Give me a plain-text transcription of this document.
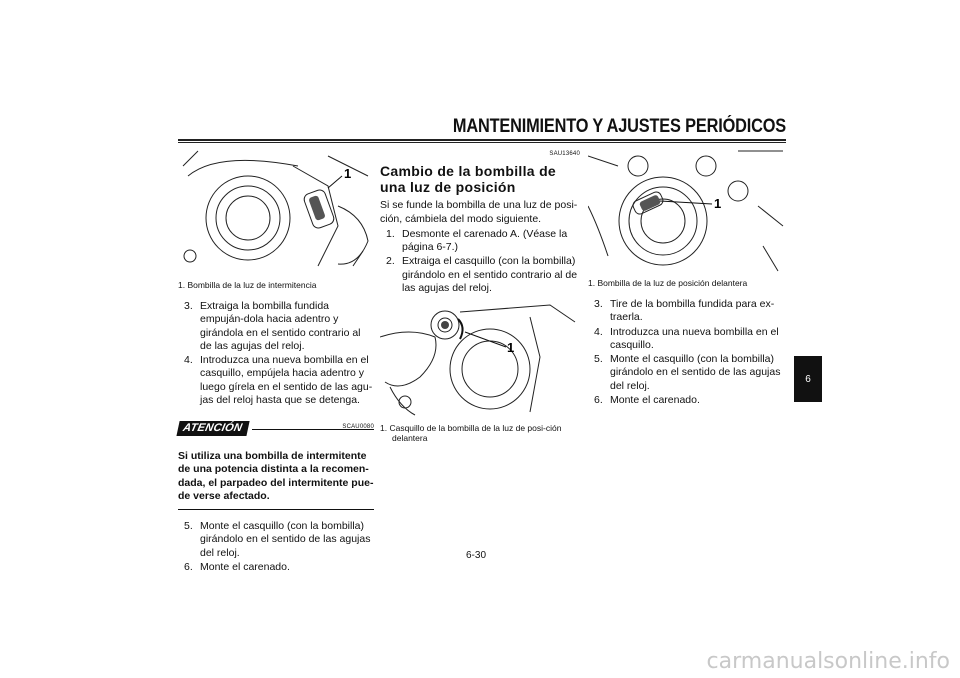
MANTENIMIENTO Y AJUSTES PERIÓDICOS
1
1. Bombilla de la luz de intermitencia
3. Extraiga la bombilla fundida empuján-dola hacia adentro y girándola en el sentido contrario al de las agujas del reloj.
4. Introduzca una nueva bombilla en el casquillo, empújela hacia adentro y luego gírela en el sentido de las agu-jas del reloj hasta que se detenga.
ATENCIÓN	SCAU0080
Si utiliza una bombilla de intermitente de una potencia distinta a la recomen-dada, el parpadeo del intermitente pue-de verse afectado.
5. Monte el casquillo (con la bombilla) girándolo en el sentido de las agujas del reloj.
6. Monte el carenado.
SAU13640
Cambio de la bombilla de una luz de posición
Si se funde la bombilla de una luz de posi-ción, cámbiela del modo siguiente.
1. Desmonte el carenado A. (Véase la página 6-7.)
2. Extraiga el casquillo (con la bombilla) girándolo en el sentido contrario al de las agujas del reloj.
1
1. Casquillo de la bombilla de la luz de posi-ción delantera
1
1. Bombilla de la luz de posición delantera
3. Tire de la bombilla fundida para ex-traerla.
4. Introduzca una nueva bombilla en el casquillo.
5. Monte el casquillo (con la bombilla) girándolo en el sentido de las agujas del reloj.
6. Monte el carenado.
6-30
6
carmanualsonline.info
